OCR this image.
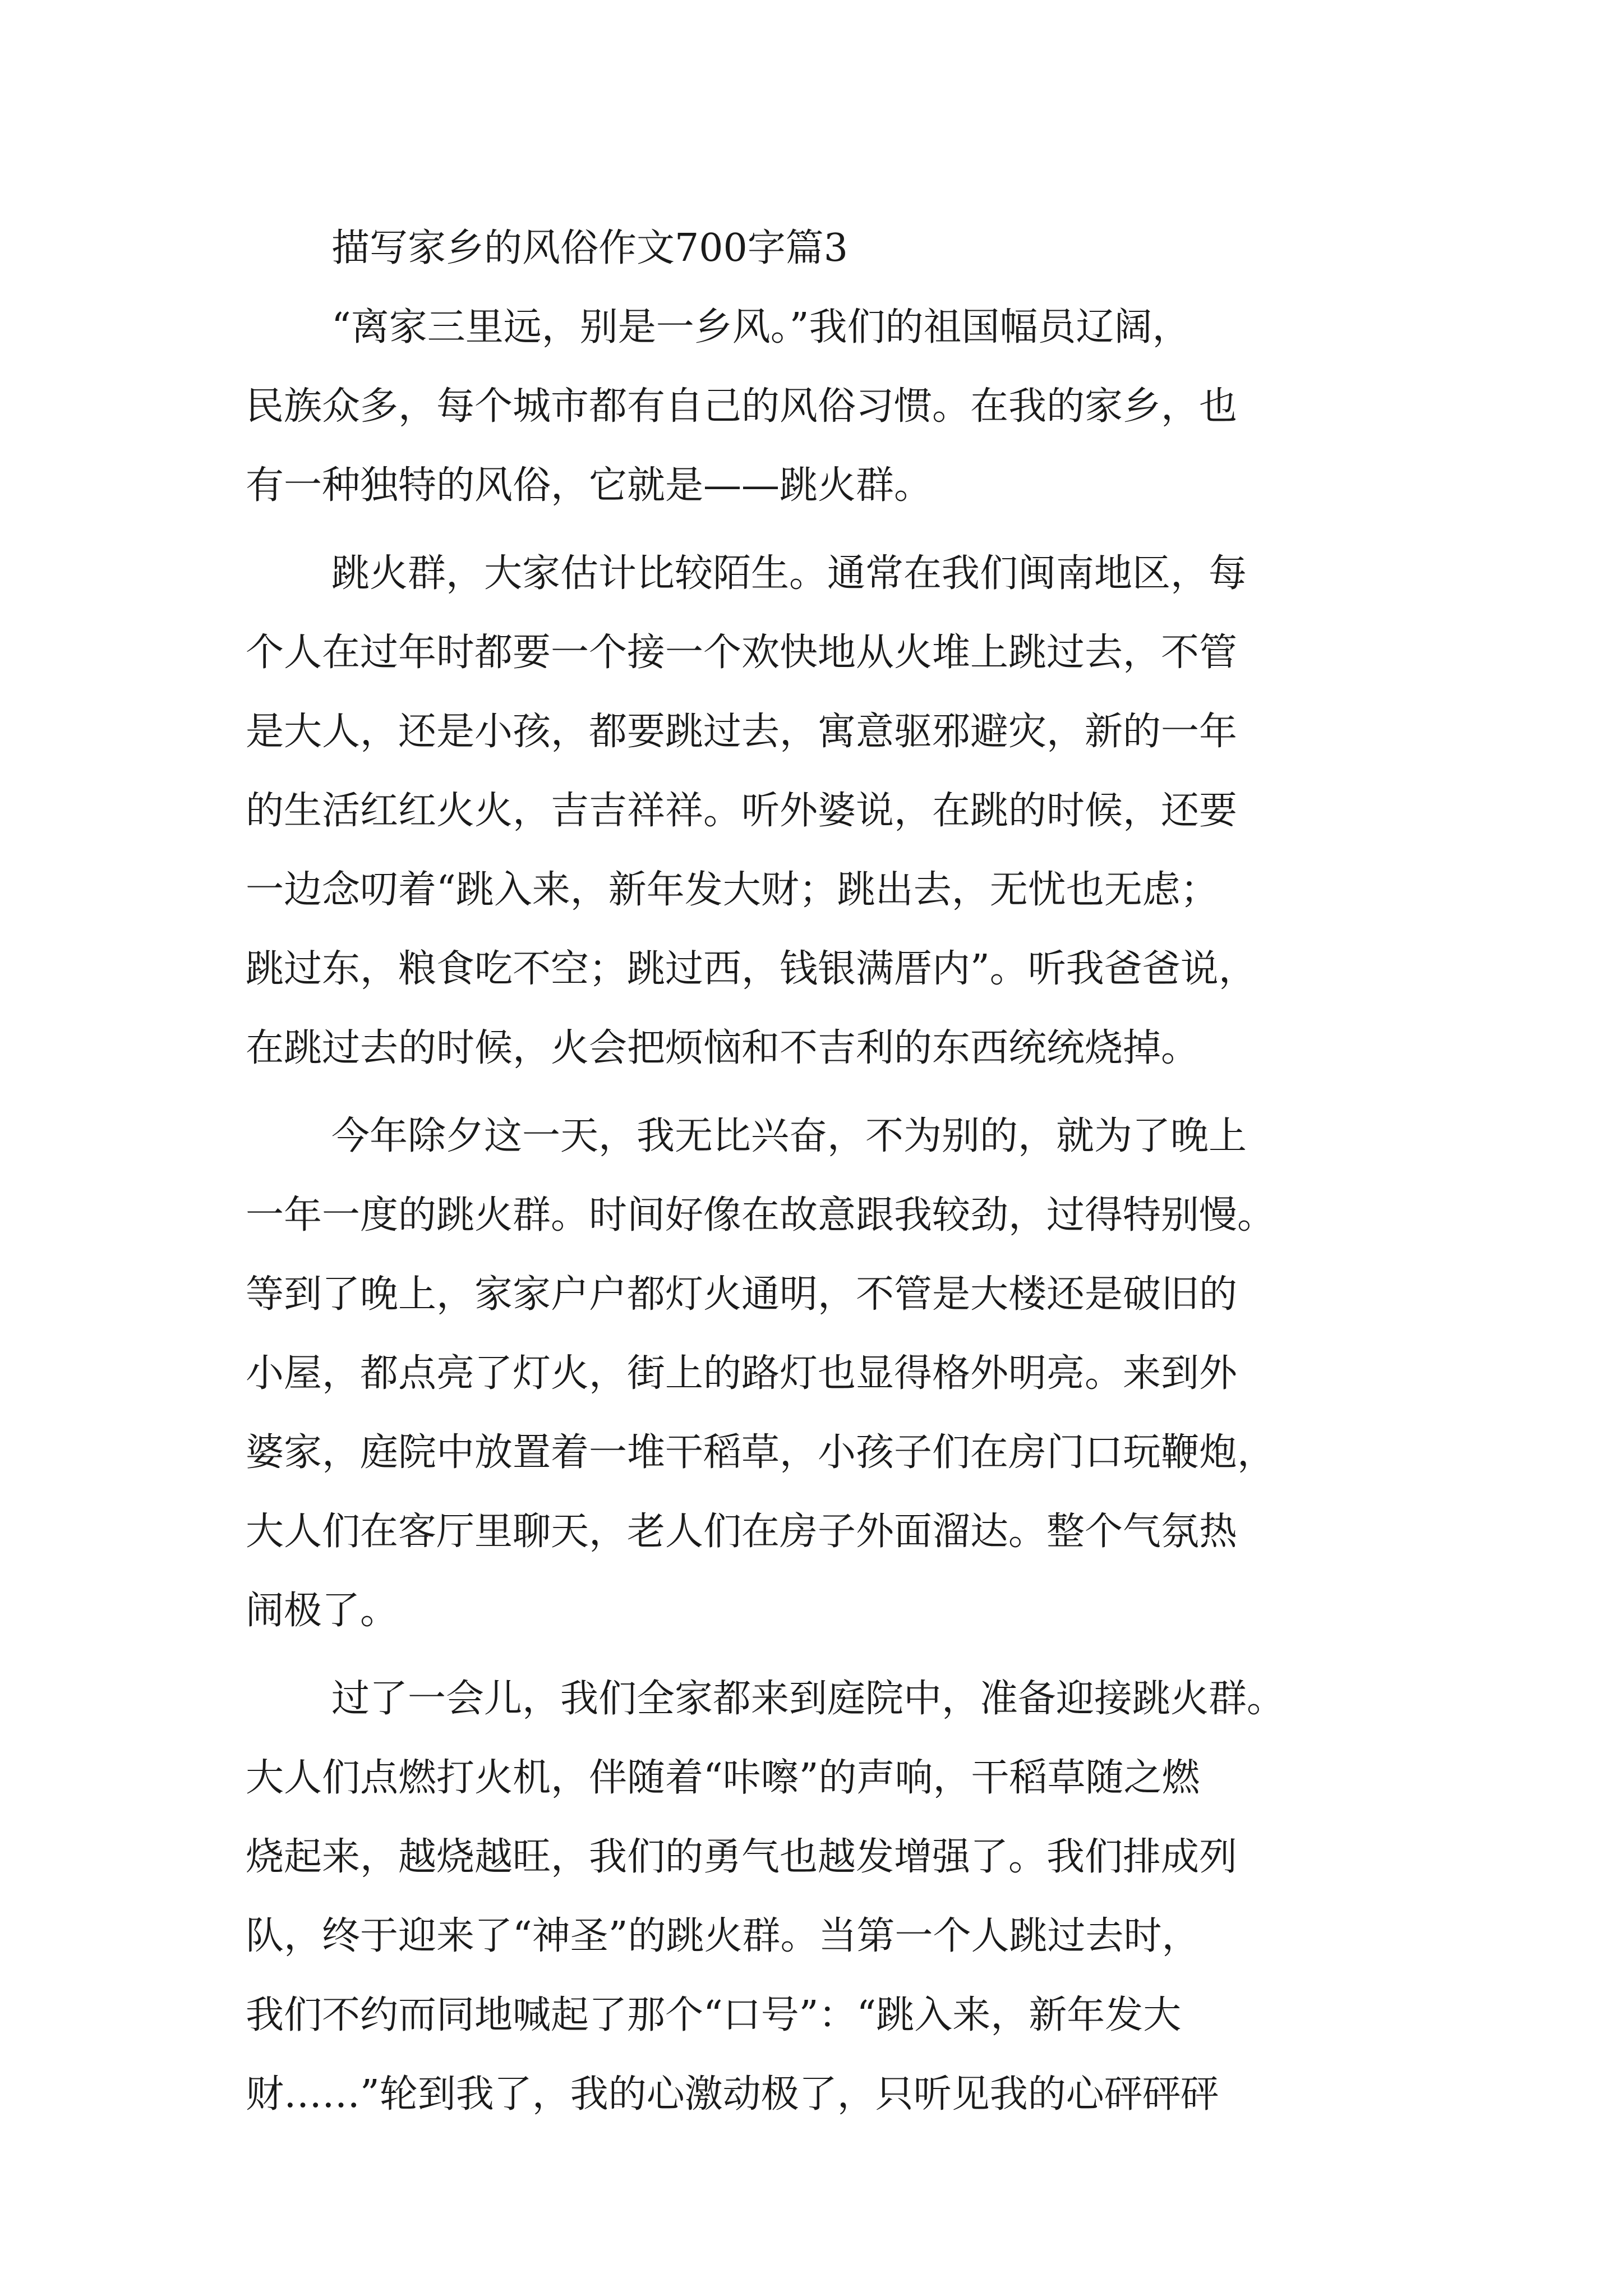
描写家乡的风俗作文700字篇3
“离家三里远，别是一乡风。”我们的祖国幅员辽阔，
民族众多，每个城市都有自己的风俗习惯。在我的家乡，也
有一种独特的风俗，它就是——跳火群。
跳火群，大家估计比较陌生。通常在我们闽南地区，每
个人在过年时都要一个接一个欢快地从火堆上跳过去，不管
是大人，还是小孩，都要跳过去，寓意驱邪避灾，新的一年
的生活红红火火，吉吉祥祥。听外婆说，在跳的时候，还要
一边念叨着“跳入来，新年发大财；跳出去，无忧也无虑；
跳过东，粮食吃不空；跳过西，钱银满厝内”。听我爸爸说，
在跳过去的时候，火会把烦恼和不吉利的东西统统烧掉。
今年除夕这一天，我无比兴奋，不为别的，就为了晚上
一年一度的跳火群。时间好像在故意跟我较劲，过得特别慢。
等到了晚上，家家户户都灯火通明，不管是大楼还是破旧的
小屋，都点亮了灯火，街上的路灯也显得格外明亮。来到外
婆家，庭院中放置着一堆干稻草，小孩子们在房门口玩鞭炮，
大人们在客厅里聊天，老人们在房子外面溜达。整个气氛热
闹极了。
过了一会儿，我们全家都来到庭院中，准备迎接跳火群。
大人们点燃打火机，伴随着“咔嚓”的声响，干稻草随之燃
烧起来，越烧越旺，我们的勇气也越发增强了。我们排成列
队，终于迎来了“神圣”的跳火群。当第一个人跳过去时，
我们不约而同地喊起了那个“口号”：“跳入来，新年发大
财……”轮到我了，我的心激动极了，只听见我的心砰砰砰
